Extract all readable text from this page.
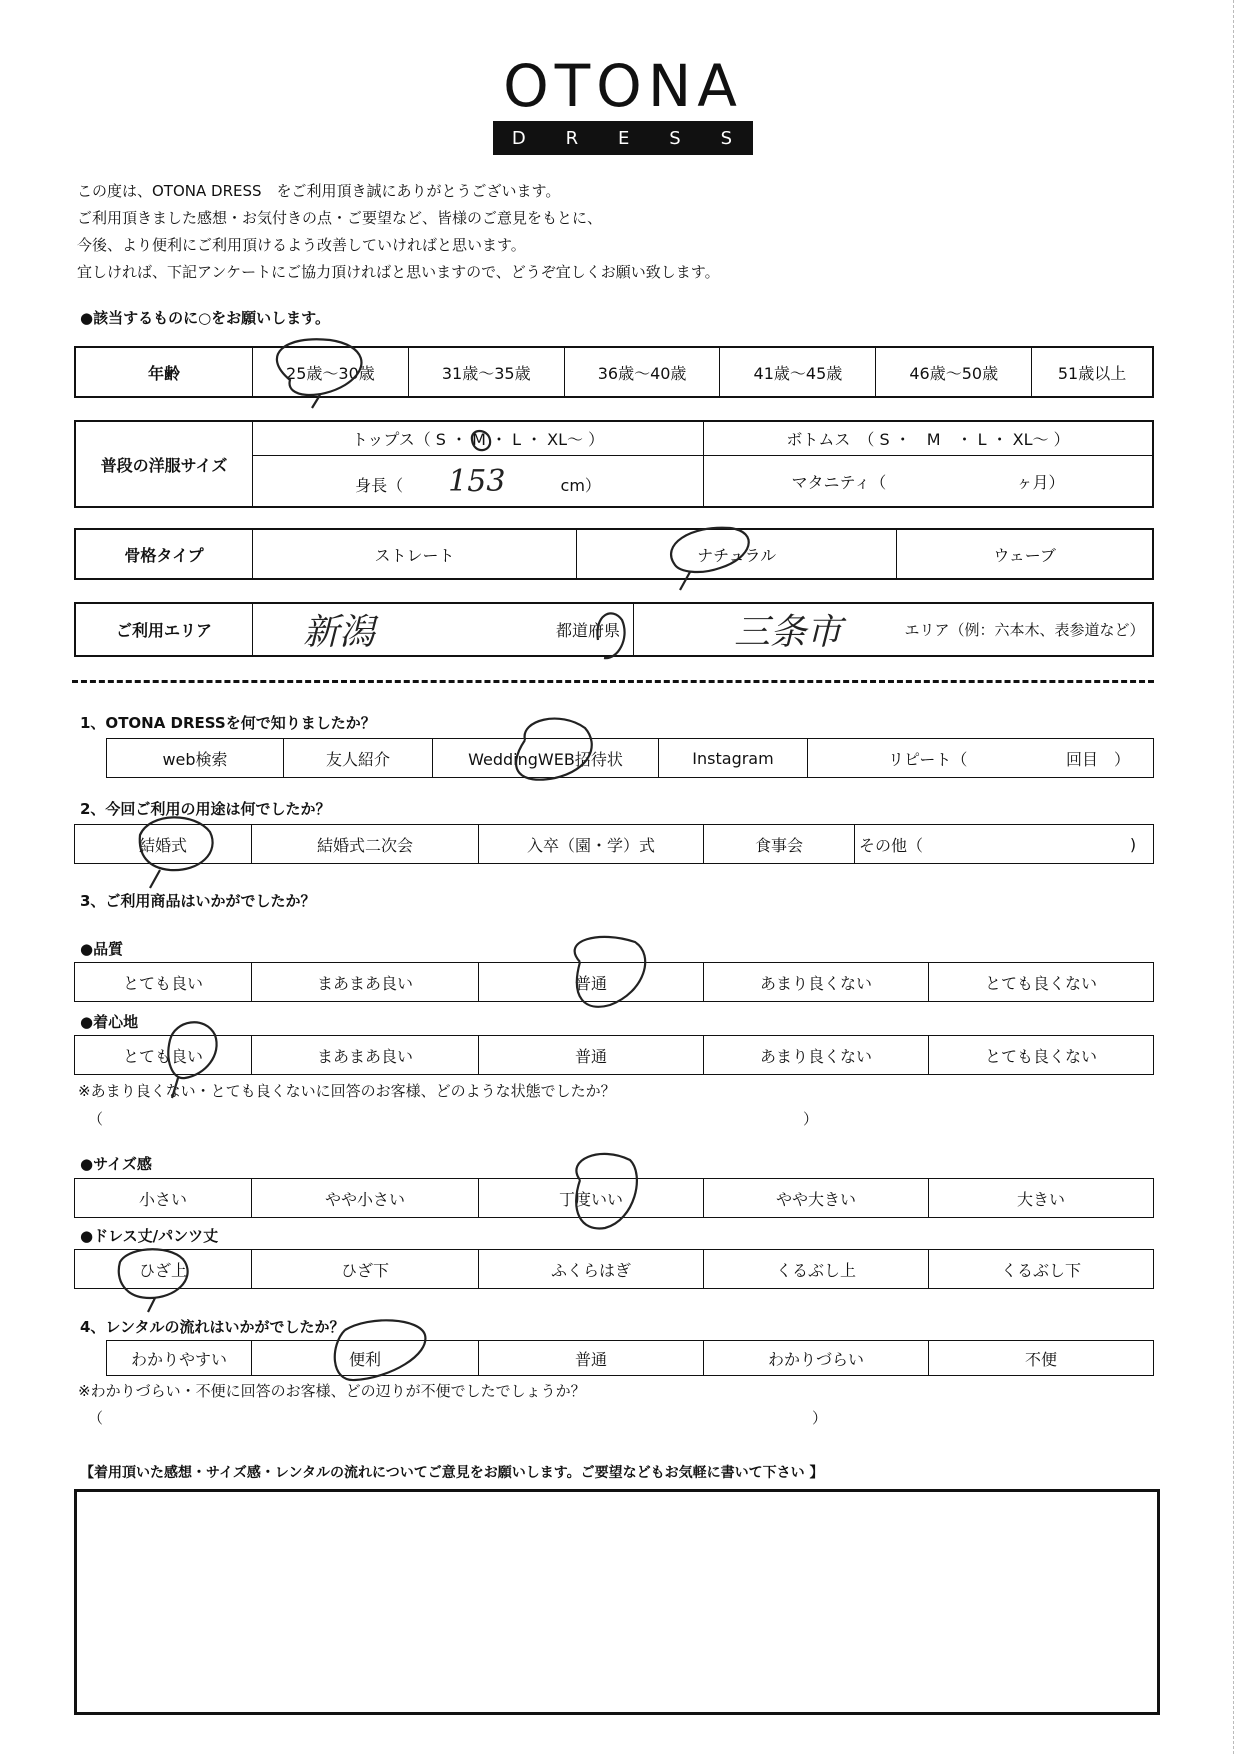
OTONA
D R E S S
この度は、OTONA DRESS　をご利用頂き誠にありがとうございます。
ご利用頂きました感想・お気付きの点・ご要望など、皆様のご意見をもとに、
今後、より便利にご利用頂けるよう改善していければと思います。
宜しければ、下記アンケートにご協力頂ければと思いますので、どうぞ宜しくお願い致します。
●該当するものに○をお願いします。
年齢	25歳～30歳	31歳～35歳	36歳～40歳	41歳～45歳	46歳～50歳	51歳以上
普段の洋服サイズ	トップス（ S ・ M ・ L ・ XL～ ）	ボトムス　（ S ・　M　・ L ・ XL～ ）
	身長（ 153 cm）	マタニティ（ ヶ月）
骨格タイプ	ストレート	ナチュラル	ウェーブ
ご利用エリア	新潟	都道府県	三条市	エリア（例：六本木、表参道など）
1、OTONA DRESSを何で知りましたか？
web検索	友人紹介	WeddingWEB招待状	Instagram	リピート（	回目　）
2、今回ご利用の用途は何でしたか？
結婚式	結婚式二次会	入卒（園・学）式	食事会	その他（	)
3、ご利用商品はいかがでしたか？
●品質
とても良い	まあまあ良い	普通	あまり良くない	とても良くない
●着心地
とても良い	まあまあ良い	普通	あまり良くない	とても良くない
※あまり良くない・とても良くないに回答のお客様、どのような状態でしたか？
（	）
●サイズ感
小さい	やや小さい	丁度いい	やや大きい	大きい
●ドレス丈/パンツ丈
ひざ上	ひざ下	ふくらはぎ	くるぶし上	くるぶし下
4、レンタルの流れはいかがでしたか？
わかりやすい	便利	普通	わかりづらい	不便
※わかりづらい・不便に回答のお客様、どの辺りが不便でしたでしょうか？
（	）
【着用頂いた感想・サイズ感・レンタルの流れについてご意見をお願いします。ご要望などもお気軽に書いて下さい 】
